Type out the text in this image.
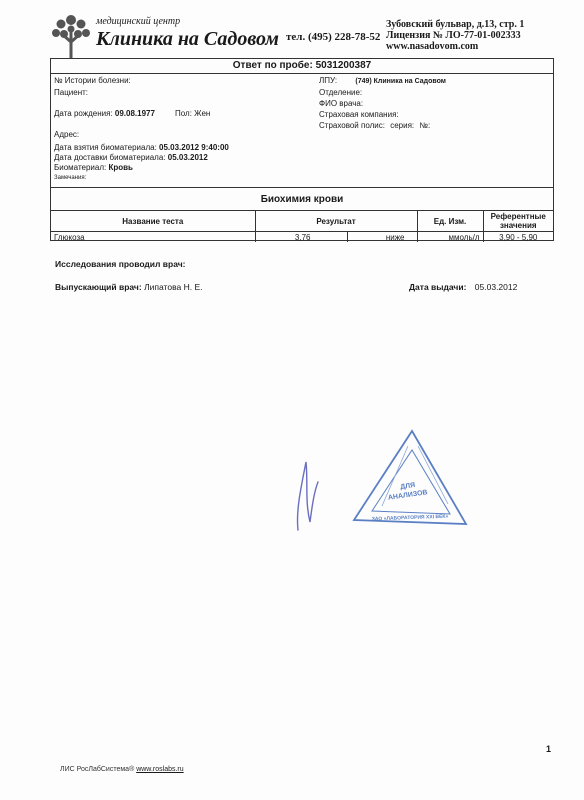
медицинский центр
Клиника на Садовом тел. (495) 228-78-52
Зубовский бульвар, д.13, стр. 1
Лицензия № ЛО-77-01-002333
www.nasadovom.com
Ответ по пробе: 5031200387
№ Истории болезни:
Пациент:
Дата рождения: 09.08.1977	Пол: Жен
Адрес:
Дата взятия биоматериала: 05.03.2012 9:40:00
Дата доставки биоматериала: 05.03.2012
Биоматериал: Кровь
Замечания:
ЛПУ:	(749) Клиника на Садовом
Отделение:
ФИО врача:
Страховая компания:
Страховой полис: серия: №:
Биохимия крови
Название теста	Результат		Ед. Изм.	Референтные значения
Глюкоза	3,76	ниже	ммоль/л	3,90 - 5,90
Исследования проводил врач:
Выпускающий врач: Липатова Н. Е.	Дата выдачи: 05.03.2012
ДЛЯ
АНАЛИЗОВ
ЗАО «ЛАБОРАТОРИЯ XXI ВЕК»
1
ЛИС РосЛабСистема® www.roslabs.ru
